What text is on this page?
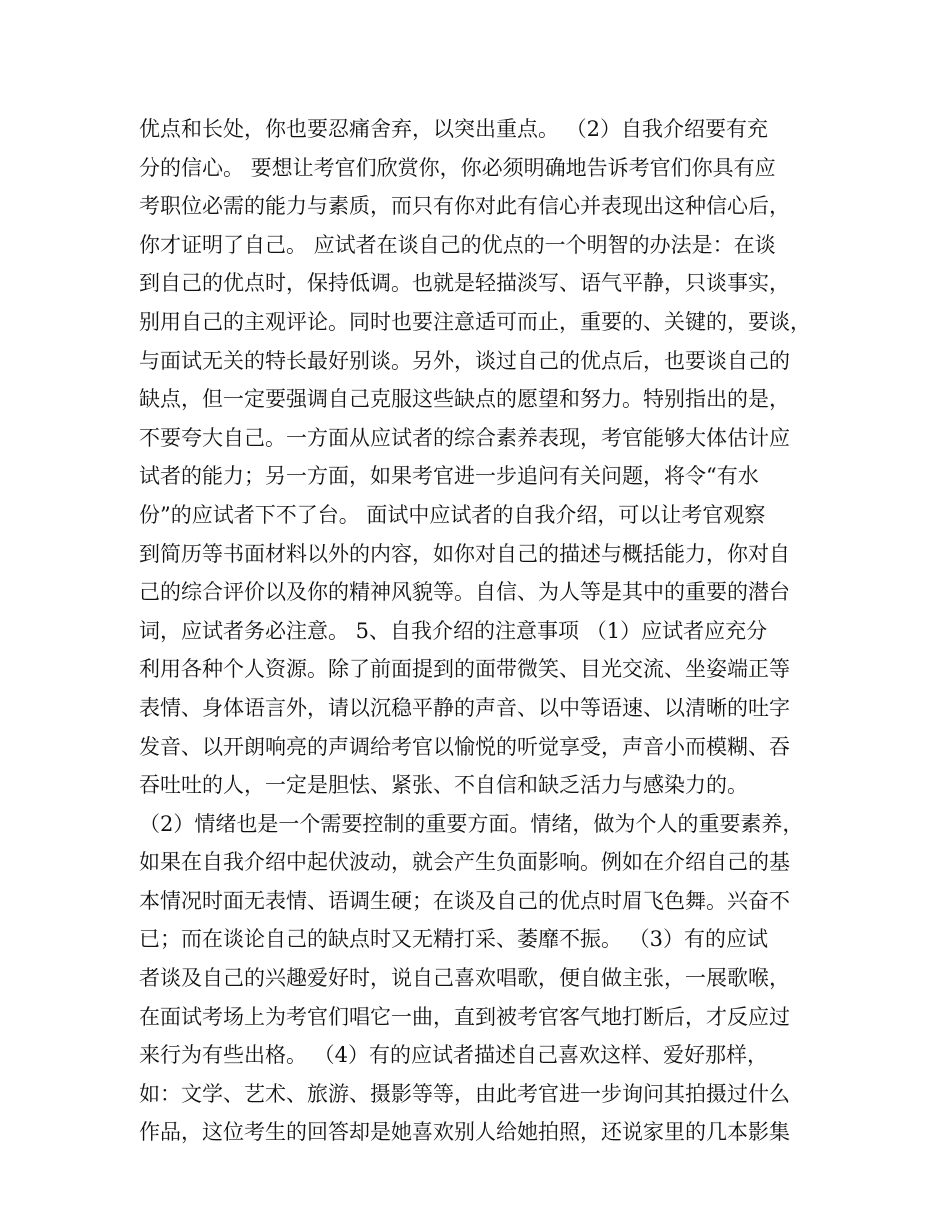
优点和长处，你也要忍痛舍弃，以突出重点。 （2）自我介绍要有充
分的信心。 要想让考官们欣赏你，你必须明确地告诉考官们你具有应
考职位必需的能力与素质，而只有你对此有信心并表现出这种信心后，
你才证明了自己。 应试者在谈自己的优点的一个明智的办法是：在谈
到自己的优点时，保持低调。也就是轻描淡写、语气平静，只谈事实，
别用自己的主观评论。同时也要注意适可而止，重要的、关键的，要谈，
与面试无关的特长最好别谈。另外，谈过自己的优点后，也要谈自己的
缺点，但一定要强调自己克服这些缺点的愿望和努力。特别指出的是，
不要夸大自己。一方面从应试者的综合素养表现，考官能够大体估计应
试者的能力；另一方面，如果考官进一步追问有关问题，将令“有水
份”的应试者下不了台。 面试中应试者的自我介绍，可以让考官观察
到简历等书面材料以外的内容，如你对自己的描述与概括能力，你对自
己的综合评价以及你的精神风貌等。自信、为人等是其中的重要的潜台
词，应试者务必注意。 5、自我介绍的注意事项 （1）应试者应充分
利用各种个人资源。除了前面提到的面带微笑、目光交流、坐姿端正等
表情、身体语言外，请以沉稳平静的声音、以中等语速、以清晰的吐字
发音、以开朗响亮的声调给考官以愉悦的听觉享受，声音小而模糊、吞
吞吐吐的人，一定是胆怯、紧张、不自信和缺乏活力与感染力的。
（2）情绪也是一个需要控制的重要方面。情绪，做为个人的重要素养，
如果在自我介绍中起伏波动，就会产生负面影响。例如在介绍自己的基
本情况时面无表情、语调生硬；在谈及自己的优点时眉飞色舞。兴奋不
已；而在谈论自己的缺点时又无精打采、萎靡不振。 （3）有的应试
者谈及自己的兴趣爱好时，说自己喜欢唱歌，便自做主张，一展歌喉，
在面试考场上为考官们唱它一曲，直到被考官客气地打断后，才反应过
来行为有些出格。 （4）有的应试者描述自己喜欢这样、爱好那样，
如：文学、艺术、旅游、摄影等等，由此考官进一步询问其拍摄过什么
作品，这位考生的回答却是她喜欢别人给她拍照，还说家里的几本影集
